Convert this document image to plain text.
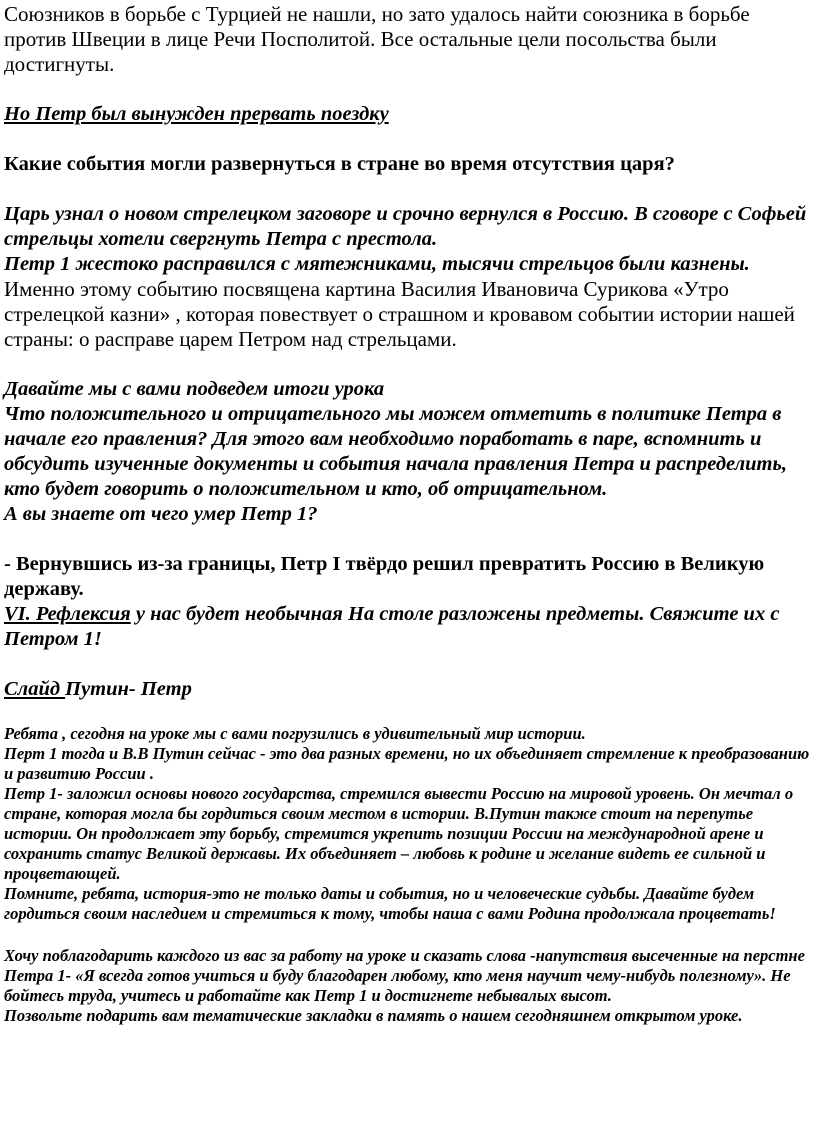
Союзников в борьбе с Турцией не нашли, но зато удалось найти союзника в борьбе против Швеции в лице Речи Посполитой. Все остальные цели посольства были достигнуты.

Но Петр был вынужден прервать поездку

Какие события могли развернуться в стране во время отсутствия царя?

Царь узнал о новом стрелецком заговоре и срочно вернулся в Россию. В сговоре с Софьей стрельцы хотели свергнуть Петра с престола.
Петр 1 жестоко расправился с мятежниками, тысячи стрельцов были казнены.
Именно этому событию посвящена картина Василия Ивановича Сурикова «Утро стрелецкой казни» , которая повествует о страшном и кровавом событии истории нашей страны: о расправе царем Петром над стрельцами.

Давайте мы с вами подведем итоги урока
Что положительного и отрицательного мы можем отметить в политике Петра в начале его правления? Для этого вам необходимо поработать в паре, вспомнить и обсудить изученные документы и события начала правления Петра и распределить, кто будет говорить о положительном и кто, об отрицательном.
А вы знаете от чего умер Петр 1?

- Вернувшись из-за границы, Петр I твёрдо решил превратить Россию в Великую державу.

VI. Рефлексия у нас будет необычная На столе разложены предметы. Свяжите их с Петром 1!

Слайд Путин- Петр

Ребята , сегодня на уроке мы с вами погрузились в удивительный мир истории.

Перт 1 тогда и В.В Путин сейчас - это два разных времени, но их объединяет стремление к преобразованию и развитию России .

Петр 1- заложил основы нового государства, стремился вывести Россию на мировой уровень. Он мечтал о стране, которая могла бы гордиться своим местом в истории. В.Путин также стоит на перепутье истории. Он продолжает эту борьбу, стремится укрепить позиции России на международной арене и сохранить статус Великой державы. Их объединяет – любовь к родине и желание видеть ее сильной и процветающей.

Помните, ребята, история-это не только даты и события, но и человеческие судьбы. Давайте будем гордиться своим наследием и стремиться к тому, чтобы наша с вами Родина продолжала процветать!

Хочу поблагодарить каждого из вас за работу на уроке и сказать слова -напутствия высеченные на перстне Петра 1- «Я всегда готов учиться и буду благодарен любому, кто меня научит чему-нибудь полезному». Не бойтесь труда, учитесь и работайте как Петр 1 и достигнете небывалых высот.

Позвольте подарить вам тематические закладки в память о нашем сегодняшнем открытом уроке.
